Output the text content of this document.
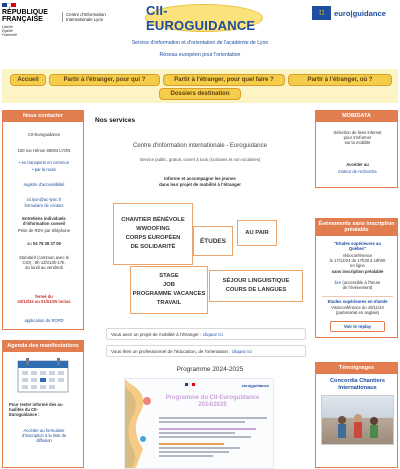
RÉPUBLIQUE
FRANÇAISE
Liberté
Égalité
Fraternité
Centre d'Information Internationale Lyon
CII-EUROGUIDANCE
★ ★
★ ★	euro|guidance
Service d'information et d'orientation de l'académie de Lyon
Réseau européen pour l'orientation
Accueil	Partir à l'étranger, pour qui ?	Partir à l'étranger, pour quel faire ?	Partir à l'étranger, où ?
Dossiers destination
Nous contacter
CII-Euroguidance
100 rue Hénon 69004 LYON
• en transports en commun
• par la route
registre d'accessibilité
cii.lyon@ac-lyon.fr
formulaire de contact
Entretiens individuels
d'information conseil
Prise de RDV par téléphone
au 04 78 28 37 09
Standard (commun avec le
CIO) : 9h-12h/13h-17h,
du lundi au vendredi
fermé du
23/12/24 au 01/01/25 inclus
application du RGPD
Agenda des manifestations
Pour rester informé des ac-
tualités du CII-
Euroguidance :
Accéder au formulaire
d'inscription à la liste de
diffusion
Nos services
Centre d'information internationale - Euroguidance
Service public, gratuit, ouvert à tous (scolaires et non scolaires)
Informe et accompagne les jeunes
dans leur projet de mobilité à l'étranger
CHANTIER BÉNÉVOLE
WWOOFING
CORPS EUROPÉEN
DE SOLIDARITÉ
ÉTUDES
AU PAIR
STAGE
JOB
PROGRAMME VACANCES
TRAVAIL
SÉJOUR LINGUISTIQUE
COURS DE LANGUES
Vous avez un projet de mobilité à l'étranger :
cliquez ici
Vous êtes un professionnel de l'éducation, de l'orientation :
cliquez ici
Programme 2024-2025
euro|guidance
Programme du CII-Euroguidance 2024/2025
MOBIDATA
Sélection de liens internet
pour s'informer
sur la mobilité
Accéder au
moteur de recherche
Événements sans inscription
préalable
"Etudes supérieures au
Québec"
Visioconférence
le 17/12/24 de 17h30 à 19h00
en ligne
sans inscription préalable
lien (accessible à l'heure
de l'événement)
Etudes supérieures en Irlande
Visioconférence du 19/11/24
(partenariat en anglais)
Voir le replay
Témoignages
Concordia Chantiers
Internationaux
